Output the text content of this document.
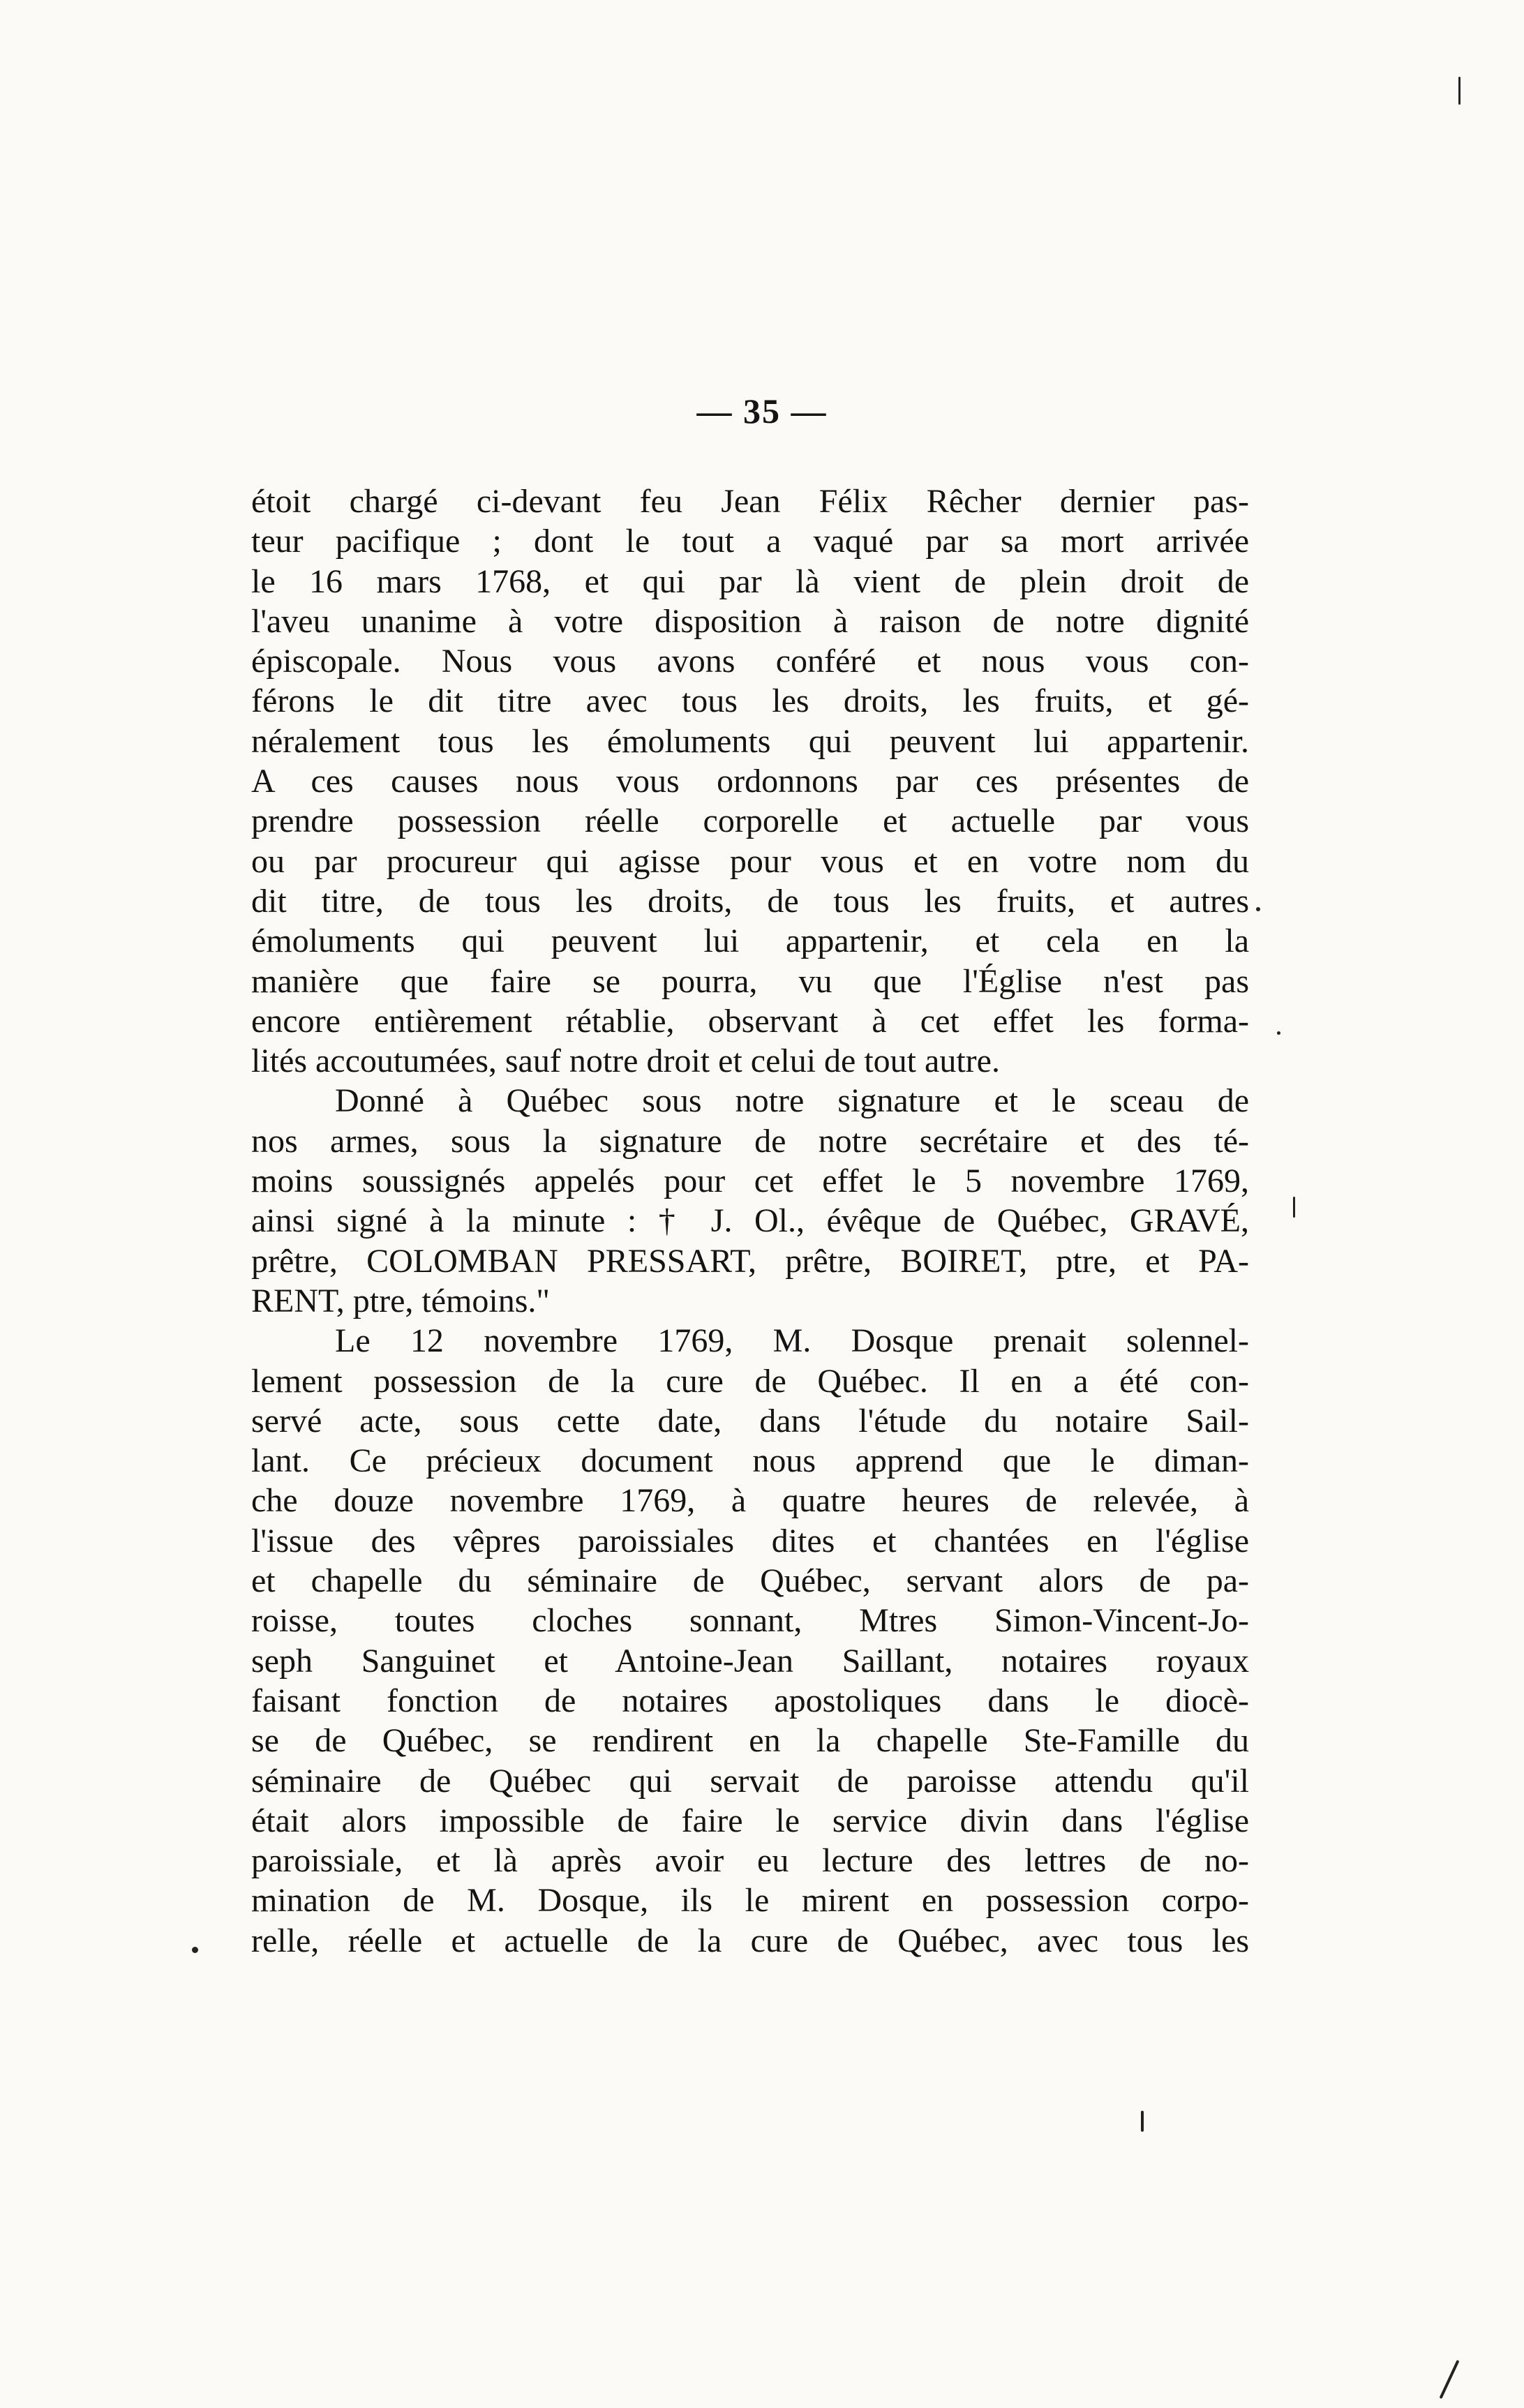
— 35 —
étoit chargé ci-devant feu Jean Félix Rêcher dernier pas-
teur pacifique ; dont le tout a vaqué par sa mort arrivée
le 16 mars 1768, et qui par là vient de plein droit de
l'aveu unanime à votre disposition à raison de notre dignité
épiscopale. Nous vous avons conféré et nous vous con-
férons le dit titre avec tous les droits, les fruits, et gé-
néralement tous les émoluments qui peuvent lui appartenir.
A ces causes nous vous ordonnons par ces présentes de
prendre possession réelle corporelle et actuelle par vous
ou par procureur qui agisse pour vous et en votre nom du
dit titre, de tous les droits, de tous les fruits, et autres
émoluments qui peuvent lui appartenir, et cela en la
manière que faire se pourra, vu que l'Église n'est pas
encore entièrement rétablie, observant à cet effet les forma-
lités accoutumées, sauf notre droit et celui de tout autre.
Donné à Québec sous notre signature et le sceau de
nos armes, sous la signature de notre secrétaire et des té-
moins soussignés appelés pour cet effet le 5 novembre 1769,
ainsi signé à la minute : † J. Ol., évêque de Québec, GRAVÉ,
prêtre, COLOMBAN PRESSART, prêtre, BOIRET, ptre, et PA-
RENT, ptre, témoins."
Le 12 novembre 1769, M. Dosque prenait solennel-
lement possession de la cure de Québec. Il en a été con-
servé acte, sous cette date, dans l'étude du notaire Sail-
lant. Ce précieux document nous apprend que le diman-
che douze novembre 1769, à quatre heures de relevée, à
l'issue des vêpres paroissiales dites et chantées en l'église
et chapelle du séminaire de Québec, servant alors de pa-
roisse, toutes cloches sonnant, Mtres Simon-Vincent-Jo-
seph Sanguinet et Antoine-Jean Saillant, notaires royaux
faisant fonction de notaires apostoliques dans le diocè-
se de Québec, se rendirent en la chapelle Ste-Famille du
séminaire de Québec qui servait de paroisse attendu qu'il
était alors impossible de faire le service divin dans l'église
paroissiale, et là après avoir eu lecture des lettres de no-
mination de M. Dosque, ils le mirent en possession corpo-
relle, réelle et actuelle de la cure de Québec, avec tous les
